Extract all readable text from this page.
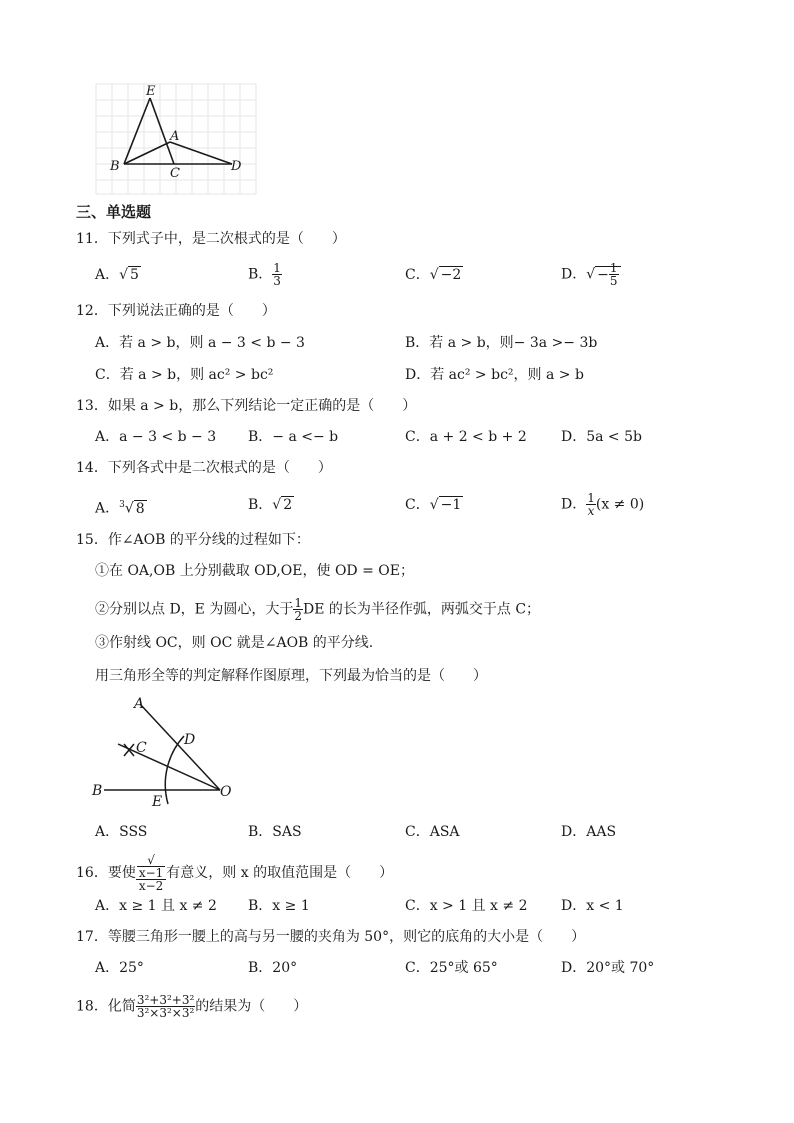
E
A
B	C	D
三、单选题
11．下列式子中，是二次根式的是（　　）
A．√ 5	B． $\frac{1}{3}$	C．√ −2	D．√ − $\frac{1}{5}$
12．下列说法正确的是（　　）
A．若 a > b，则 a − 3 < b − 3	B．若 a > b，则− 3a >− 3b
C．若 a > b，则 ac² > bc²	D．若 ac² > bc²，则 a > b
13．如果 a > b，那么下列结论一定正确的是（　　）
A．a − 3 < b − 3 B．− a <− b	C．a + 2 < b + 2 D．5a < 5b
14．下列各式中是二次根式的是（　　）
A．$^3$√ 8	B．√ 2	C．√ −1	D． $\frac{1}{x} (x \ne 0)$
15．作∠AOB 的平分线的过程如下：
①在 OA,OB 上分别截取 OD,OE，使 OD = OE；
②分别以点 D，E 为圆心，大于 $\frac{1}{2}$ DE 的长为半径作弧，两弧交于点 C；
③作射线 OC，则 OC 就是∠AOB 的平分线.
用三角形全等的判定解释作图原理，下列最为恰当的是（　　）
A
C	D
B
E
O
A．SSS	B．SAS	C．ASA	D．AAS
16．要使 √
x−1
x−2 有意义，则 x 的取值范围是（　　）
A．x ≥ 1 且 x ≠ 2 B．x ≥ 1	C．x > 1 且 x ≠ 2 D．x < 1
17．等腰三角形一腰上的高与另一腰的夹角为 50°，则它的底角的大小是（　　）
A．25°	B．20°	C．25°或 65°	D．20°或 70°
18．化简 $\frac{\text{3²+3²+3²}}{\text{3²×3²×3²}}$ 的结果为（　　）
